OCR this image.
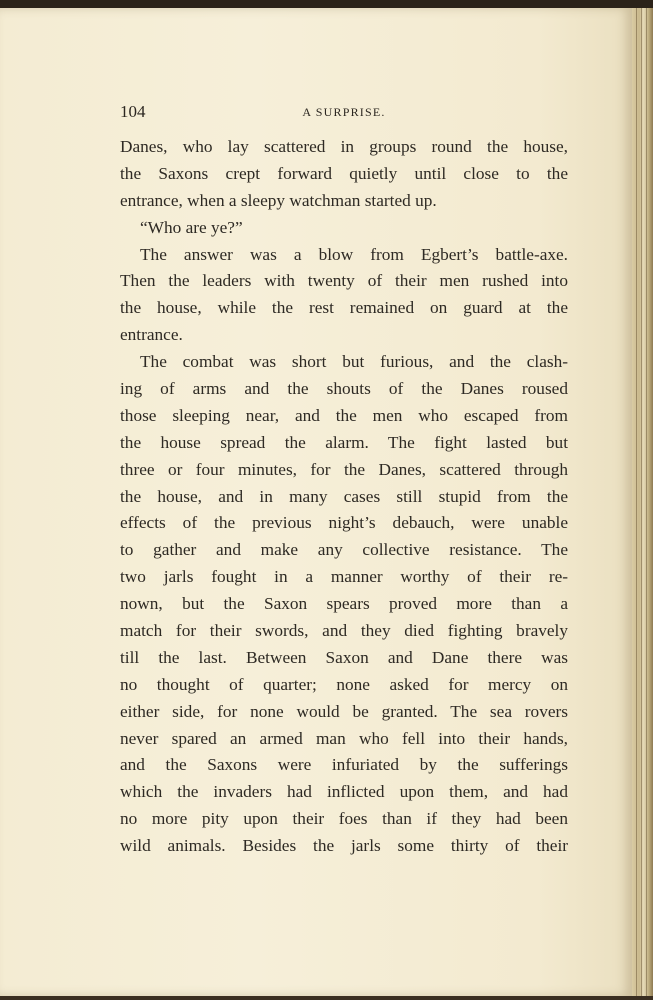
104	A SURPRISE.
Danes, who lay scattered in groups round the house,
the Saxons crept forward quietly until close to the
entrance, when a sleepy watchman started up.
“Who are ye?”
The answer was a blow from Egbert’s battle-axe.
Then the leaders with twenty of their men rushed into
the house, while the rest remained on guard at the
entrance.
The combat was short but furious, and the clash-
ing of arms and the shouts of the Danes roused
those sleeping near, and the men who escaped from
the house spread the alarm. The fight lasted but
three or four minutes, for the Danes, scattered through
the house, and in many cases still stupid from the
effects of the previous night’s debauch, were unable
to gather and make any collective resistance. The
two jarls fought in a manner worthy of their re-
nown, but the Saxon spears proved more than a
match for their swords, and they died fighting bravely
till the last. Between Saxon and Dane there was
no thought of quarter; none asked for mercy on
either side, for none would be granted. The sea rovers
never spared an armed man who fell into their hands,
and the Saxons were infuriated by the sufferings
which the invaders had inflicted upon them, and had
no more pity upon their foes than if they had been
wild animals. Besides the jarls some thirty of their
